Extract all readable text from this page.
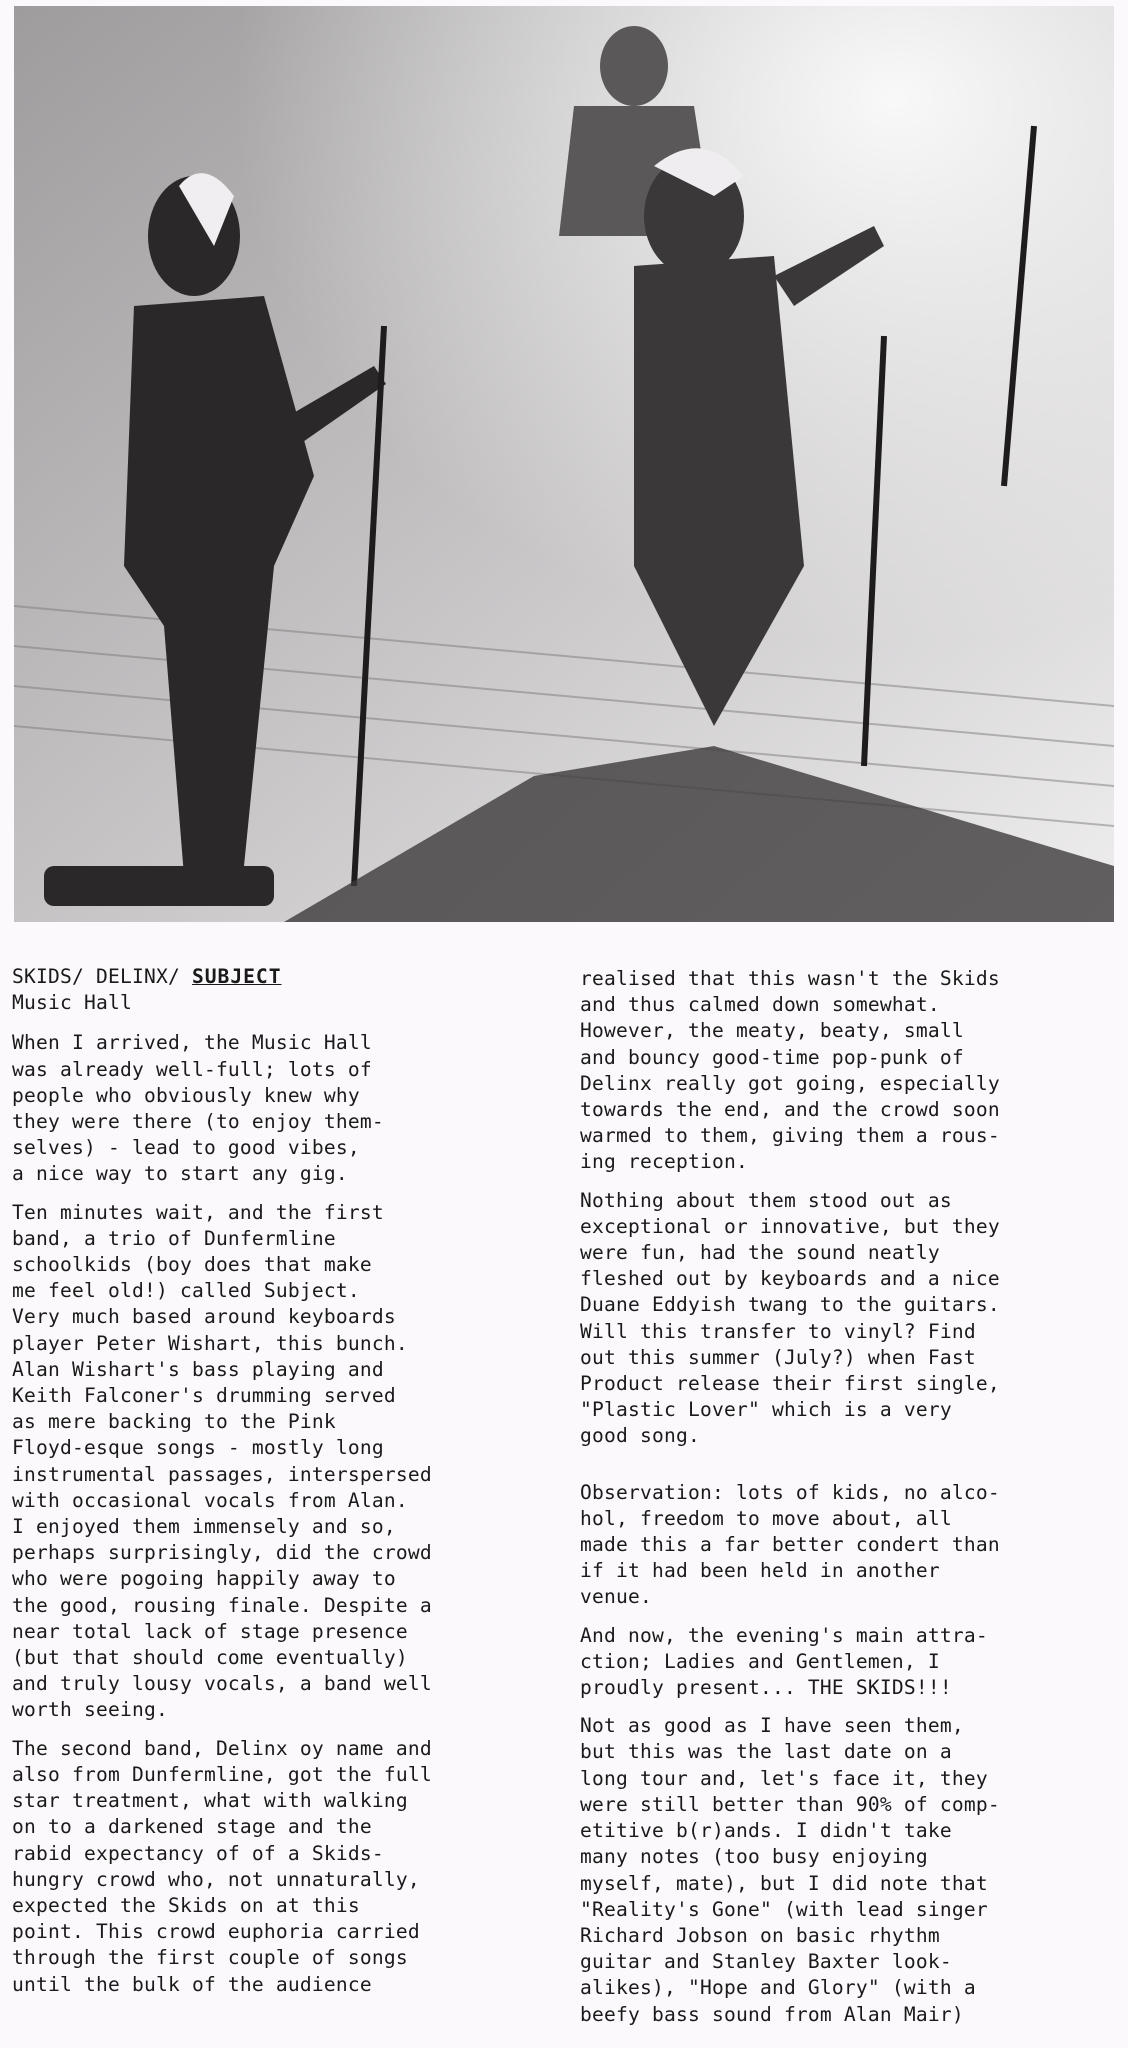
SKIDS/ DELINX/ SUBJECT
Music Hall

When I arrived, the Music Hall
was already well-full; lots of
people who obviously knew why
they were there (to enjoy them-
selves) - lead to good vibes,
a nice way to start any gig.

Ten minutes wait, and the first
band, a trio of Dunfermline
schoolkids (boy does that make
me feel old!) called Subject.
Very much based around keyboards
player Peter Wishart, this bunch.
Alan Wishart's bass playing and
Keith Falconer's drumming served
as mere backing to the Pink
Floyd-esque songs - mostly long
instrumental passages, interspersed
with occasional vocals from Alan.
I enjoyed them immensely and so,
perhaps surprisingly, did the crowd
who were pogoing happily away to
the good, rousing finale. Despite a
near total lack of stage presence
(but that should come eventually)
and truly lousy vocals, a band well
worth seeing.

The second band, Delinx oy name and
also from Dunfermline, got the full
star treatment, what with walking
on to a darkened stage and the
rabid expectancy of of a Skids-
hungry crowd who, not unnaturally,
expected the Skids on at this
point. This crowd euphoria carried
through the first couple of songs
until the bulk of the audience

realised that this wasn't the Skids
and thus calmed down somewhat.
However, the meaty, beaty, small
and bouncy good-time pop-punk of
Delinx really got going, especially
towards the end, and the crowd soon
warmed to them, giving them a rous-
ing reception.

Nothing about them stood out as
exceptional or innovative, but they
were fun, had the sound neatly
fleshed out by keyboards and a nice
Duane Eddyish twang to the guitars.
Will this transfer to vinyl? Find
out this summer (July?) when Fast
Product release their first single,
"Plastic Lover" which is a very
good song.

Observation: lots of kids, no alco-
hol, freedom to move about, all
made this a far better condert than
if it had been held in another
venue.

And now, the evening's main attra-
ction; Ladies and Gentlemen, I
proudly present... THE SKIDS!!!

Not as good as I have seen them,
but this was the last date on a
long tour and, let's face it, they
were still better than 90% of comp-
etitive b(r)ands. I didn't take
many notes (too busy enjoying
myself, mate), but I did note that
"Reality's Gone" (with lead singer
Richard Jobson on basic rhythm
guitar and Stanley Baxter look-
alikes), "Hope and Glory" (with a
beefy bass sound from Alan Mair)
